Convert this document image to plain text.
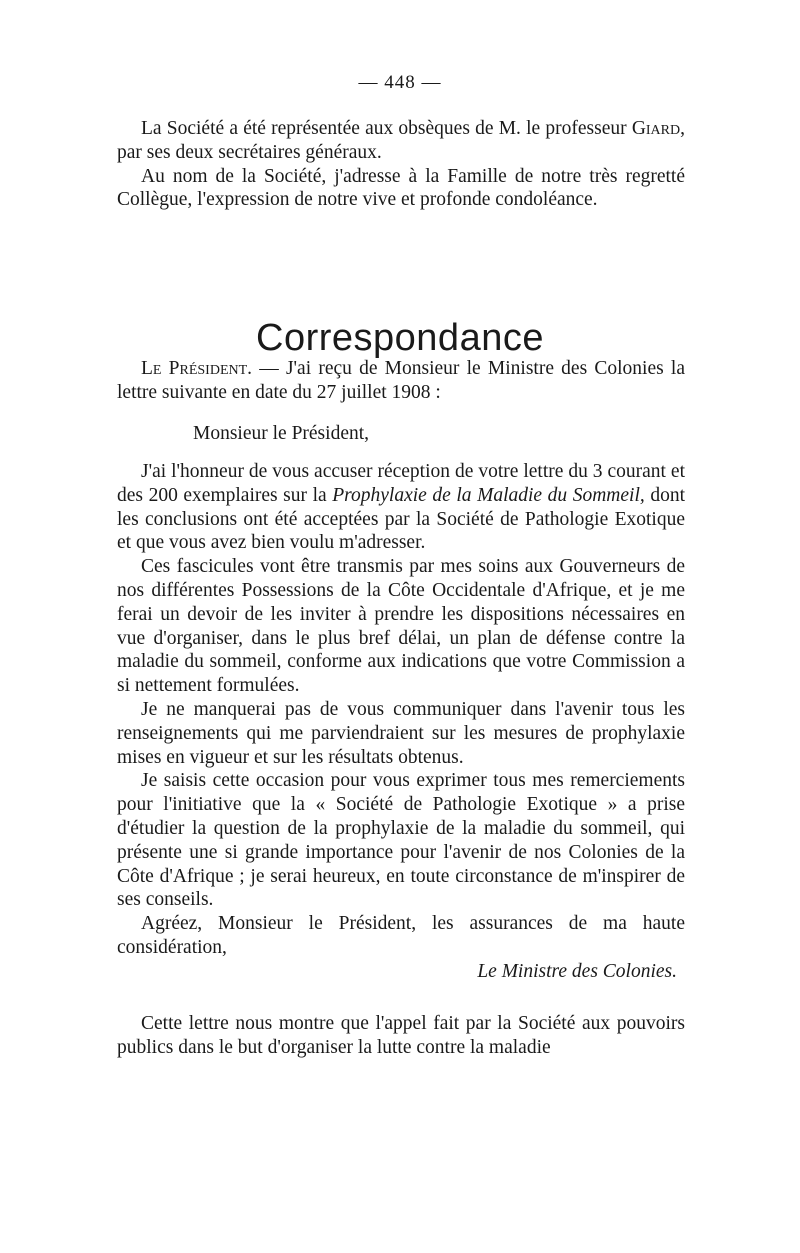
— 448 —

La Société a été représentée aux obsèques de M. le professeur Giard, par ses deux secrétaires généraux.

Au nom de la Société, j'adresse à la Famille de notre très regretté Collègue, l'expression de notre vive et profonde condoléance.

Correspondance

Le Président. — J'ai reçu de Monsieur le Ministre des Colonies la lettre suivante en date du 27 juillet 1908 :

Monsieur le Président,

J'ai l'honneur de vous accuser réception de votre lettre du 3 courant et des 200 exemplaires sur la Prophylaxie de la Maladie du Sommeil, dont les conclusions ont été acceptées par la Société de Pathologie Exotique et que vous avez bien voulu m'adresser.

Ces fascicules vont être transmis par mes soins aux Gouverneurs de nos différentes Possessions de la Côte Occidentale d'Afrique, et je me ferai un devoir de les inviter à prendre les dispositions nécessaires en vue d'organiser, dans le plus bref délai, un plan de défense contre la maladie du sommeil, conforme aux indications que votre Commission a si nettement formulées.

Je ne manquerai pas de vous communiquer dans l'avenir tous les renseignements qui me parviendraient sur les mesures de prophylaxie mises en vigueur et sur les résultats obtenus.

Je saisis cette occasion pour vous exprimer tous mes remerciements pour l'initiative que la « Société de Pathologie Exotique » a prise d'étudier la question de la prophylaxie de la maladie du sommeil, qui présente une si grande importance pour l'avenir de nos Colonies de la Côte d'Afrique ; je serai heureux, en toute circonstance de m'inspirer de ses conseils.

Agréez, Monsieur le Président, les assurances de ma haute considération,

Le Ministre des Colonies.

Cette lettre nous montre que l'appel fait par la Société aux pouvoirs publics dans le but d'organiser la lutte contre la maladie
